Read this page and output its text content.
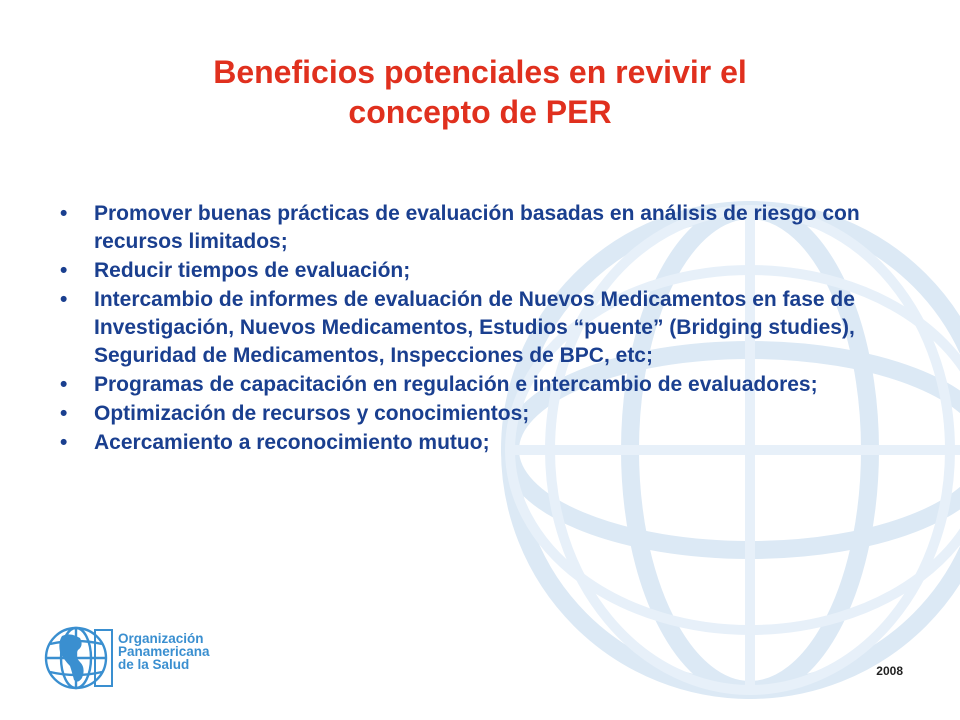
Beneficios potenciales en revivir el
concepto de PER
•	Promover buenas prácticas de evaluación basadas en análisis de riesgo con recursos limitados;
•	Reducir tiempos de evaluación;
•	Intercambio de informes de evaluación de Nuevos Medicamentos en fase de Investigación, Nuevos Medicamentos, Estudios “puente” (Bridging studies), Seguridad de Medicamentos, Inspecciones de BPC, etc;
•	Programas de capacitación en regulación e intercambio de evaluadores;
•	Optimización de recursos y conocimientos;
•	Acercamiento a reconocimiento mutuo;
Organización
Panamericana
de la Salud	2008
